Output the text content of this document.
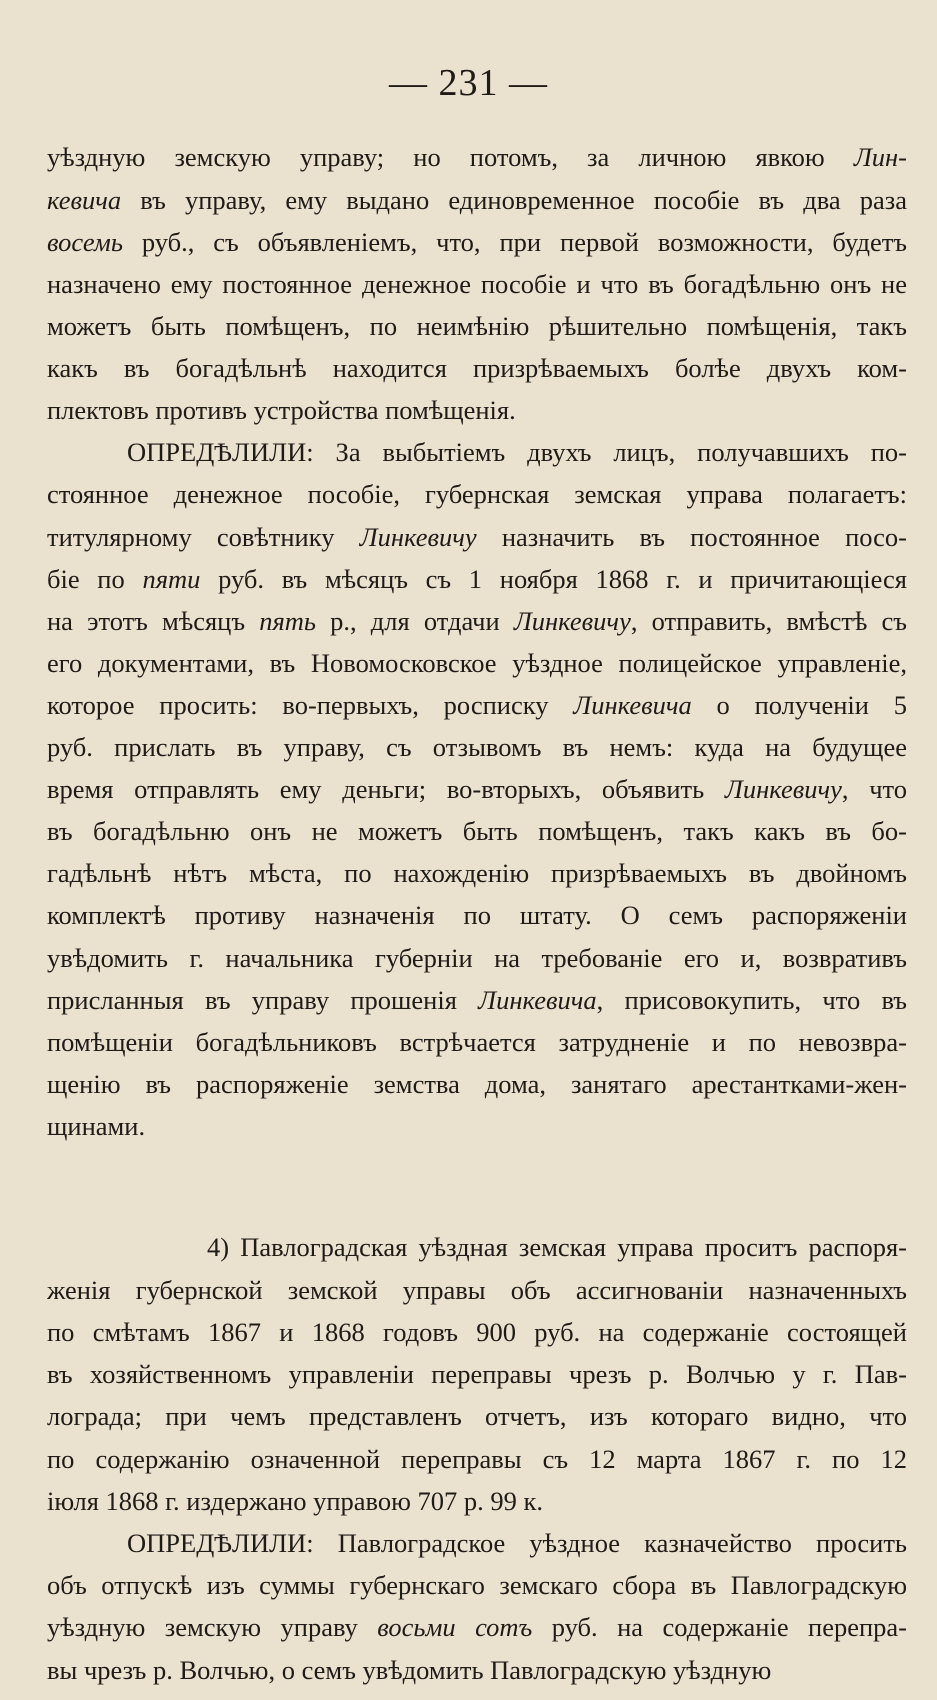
— 231 —
уѣздную земскую управу; но потомъ, за личною явкою Лин-
кевича въ управу, ему выдано единовременное пособіе въ два раза
восемь руб., съ объявленіемъ, что, при первой возможности, будетъ
назначено ему постоянное денежное пособіе и что въ богадѣльню онъ не
можетъ быть помѣщенъ, по неимѣнію рѣшительно помѣщенія, такъ
какъ въ богадѣльнѣ находится призрѣваемыхъ болѣе двухъ ком-
плектовъ противъ устройства помѣщенія.
ОПРЕДѢЛИЛИ: За выбытіемъ двухъ лицъ, получавшихъ по-
стоянное денежное пособіе, губернская земская управа полагаетъ:
титулярному совѣтнику Линкевичу назначить въ постоянное посо-
біе по пяти руб. въ мѣсяцъ съ 1 ноября 1868 г. и причитающіеся
на этотъ мѣсяцъ пять р., для отдачи Линкевичу, отправить, вмѣстѣ съ
его документами, въ Новомосковское уѣздное полицейское управленіе,
которое просить: во-первыхъ, росписку Линкевича о полученіи 5
руб. прислать въ управу, съ отзывомъ въ немъ: куда на будущее
время отправлять ему деньги; во-вторыхъ, объявить Линкевичу, что
въ богадѣльню онъ не можетъ быть помѣщенъ, такъ какъ въ бо-
гадѣльнѣ нѣтъ мѣста, по нахожденію призрѣваемыхъ въ двойномъ
комплектѣ противу назначенія по штату. О семъ распоряженіи
увѣдомить г. начальника губерніи на требованіе его и, возвративъ
присланныя въ управу прошенія Линкевича, присовокупить, что въ
помѣщеніи богадѣльниковъ встрѣчается затрудненіе и по невозвра-
щенію въ распоряженіе земства дома, занятаго арестантками-жен-
щинами.
4) Павлоградская уѣздная земская управа проситъ распоря-
женія губернской земской управы объ ассигнованіи назначенныхъ
по смѣтамъ 1867 и 1868 годовъ 900 руб. на содержаніе состоящей
въ хозяйственномъ управленіи переправы чрезъ р. Волчью у г. Пав-
лограда; при чемъ представленъ отчетъ, изъ котораго видно, что
по содержанію означенной переправы съ 12 марта 1867 г. по 12
іюля 1868 г. издержано управою 707 р. 99 к.
ОПРЕДѢЛИЛИ: Павлоградское уѣздное казначейство просить
объ отпускѣ изъ суммы губернскаго земскаго сбора въ Павлоградскую
уѣздную земскую управу восьми сотъ руб. на содержаніе перепра-
вы чрезъ р. Волчью, о семъ увѣдомить Павлоградскую уѣздную
